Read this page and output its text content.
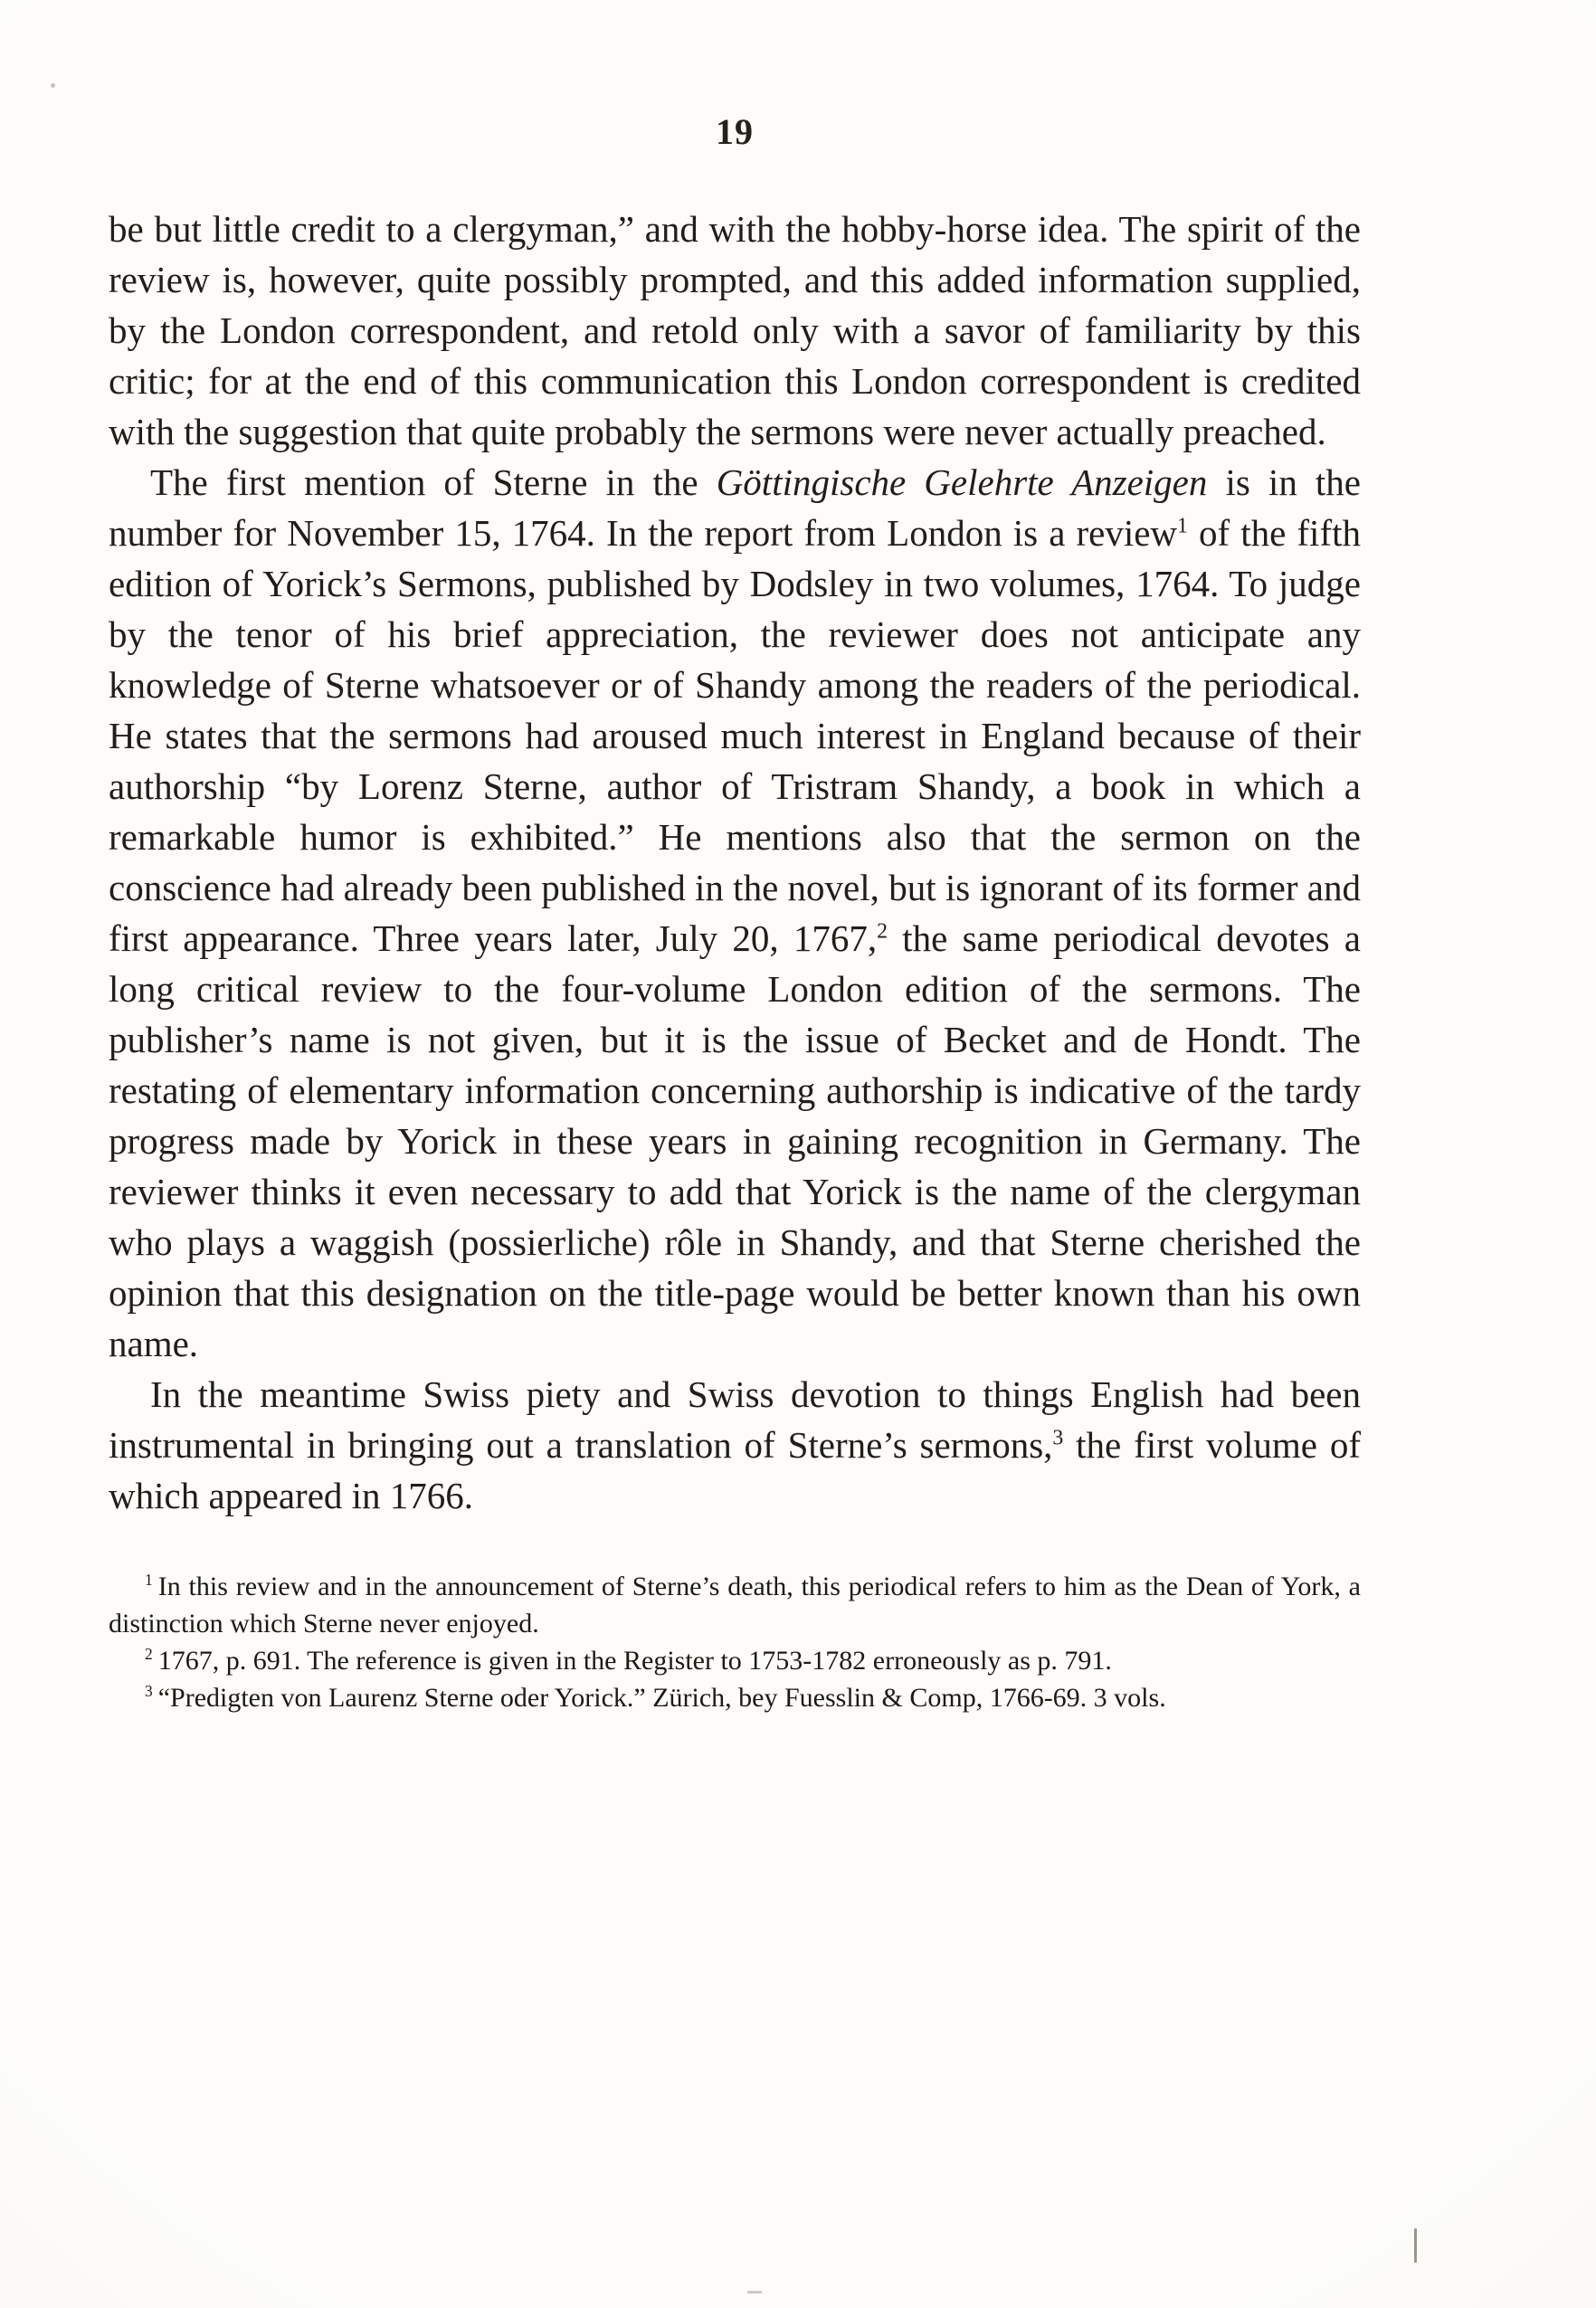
19

be but little credit to a clergyman,” and with the hobby-horse idea. The spirit of the review is, however, quite possibly prompted, and this added information supplied, by the London correspondent, and retold only with a savor of familiarity by this critic; for at the end of this communication this London correspondent is credited with the suggestion that quite probably the sermons were never actually preached.

The first mention of Sterne in the Göttingische Gelehrte Anzeigen is in the number for November 15, 1764. In the report from London is a review$^1$ of the fifth edition of Yorick’s Sermons, published by Dodsley in two volumes, 1764. To judge by the tenor of his brief appreciation, the reviewer does not anticipate any knowledge of Sterne whatsoever or of Shandy among the readers of the periodical. He states that the sermons had aroused much interest in England because of their authorship “by Lorenz Sterne, author of Tristram Shandy, a book in which a remarkable humor is exhibited.” He mentions also that the sermon on the conscience had already been published in the novel, but is ignorant of its former and first appearance. Three years later, July 20, 1767,$^2$ the same periodical devotes a long critical review to the four-volume London edition of the sermons. The publisher’s name is not given, but it is the issue of Becket and de Hondt. The restating of elementary information concerning authorship is indicative of the tardy progress made by Yorick in these years in gaining recognition in Germany. The reviewer thinks it even necessary to add that Yorick is the name of the clergyman who plays a waggish (possierliche) rôle in Shandy, and that Sterne cherished the opinion that this designation on the title-page would be better known than his own name.

In the meantime Swiss piety and Swiss devotion to things English had been instrumental in bringing out a translation of Sterne’s sermons,$^3$ the first volume of which appeared in 1766.

$^1$ In this review and in the announcement of Sterne’s death, this periodical refers to him as the Dean of York, a distinction which Sterne never enjoyed.

$^2$ 1767, p. 691. The reference is given in the Register to 1753-1782 erroneously as p. 791.

$^3$ “Predigten von Laurenz Sterne oder Yorick.” Zürich, bey Fuesslin & Comp, 1766-69. 3 vols.
